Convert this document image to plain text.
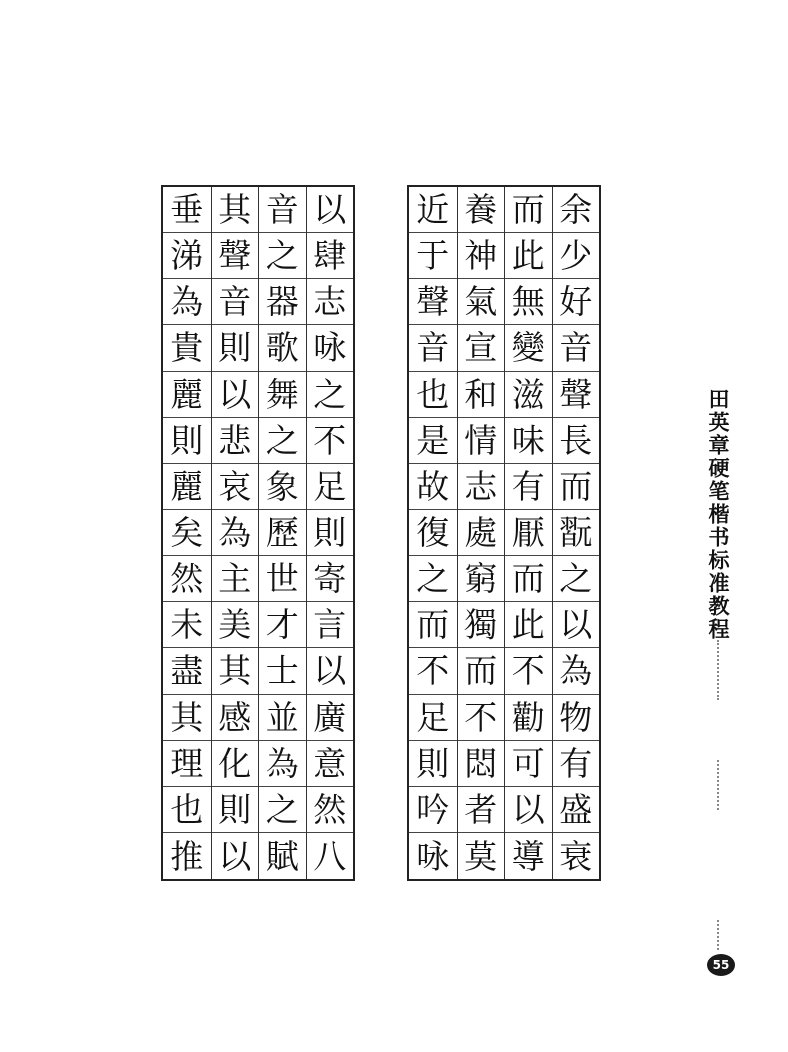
以
肆
志
咏
之
不
足
則
寄
言
以
廣
意
然
八
音
之
器
歌
舞
之
象
歷
世
才
士
並
為
之
賦
其
聲
音
則
以
悲
哀
為
主
美
其
感
化
則
以
垂
涕
為
貴
麗
則
麗
矣
然
未
盡
其
理
也
推
余
少
好
音
聲
長
而
翫
之
以
為
物
有
盛
衰
而
此
無
變
滋
味
有
厭
而
此
不
勸
可
以
導
養
神
氣
宣
和
情
志
處
窮
獨
而
不
悶
者
莫
近
于
聲
音
也
是
故
復
之
而
不
足
則
吟
咏
田英章硬笔楷书标准教程
55
